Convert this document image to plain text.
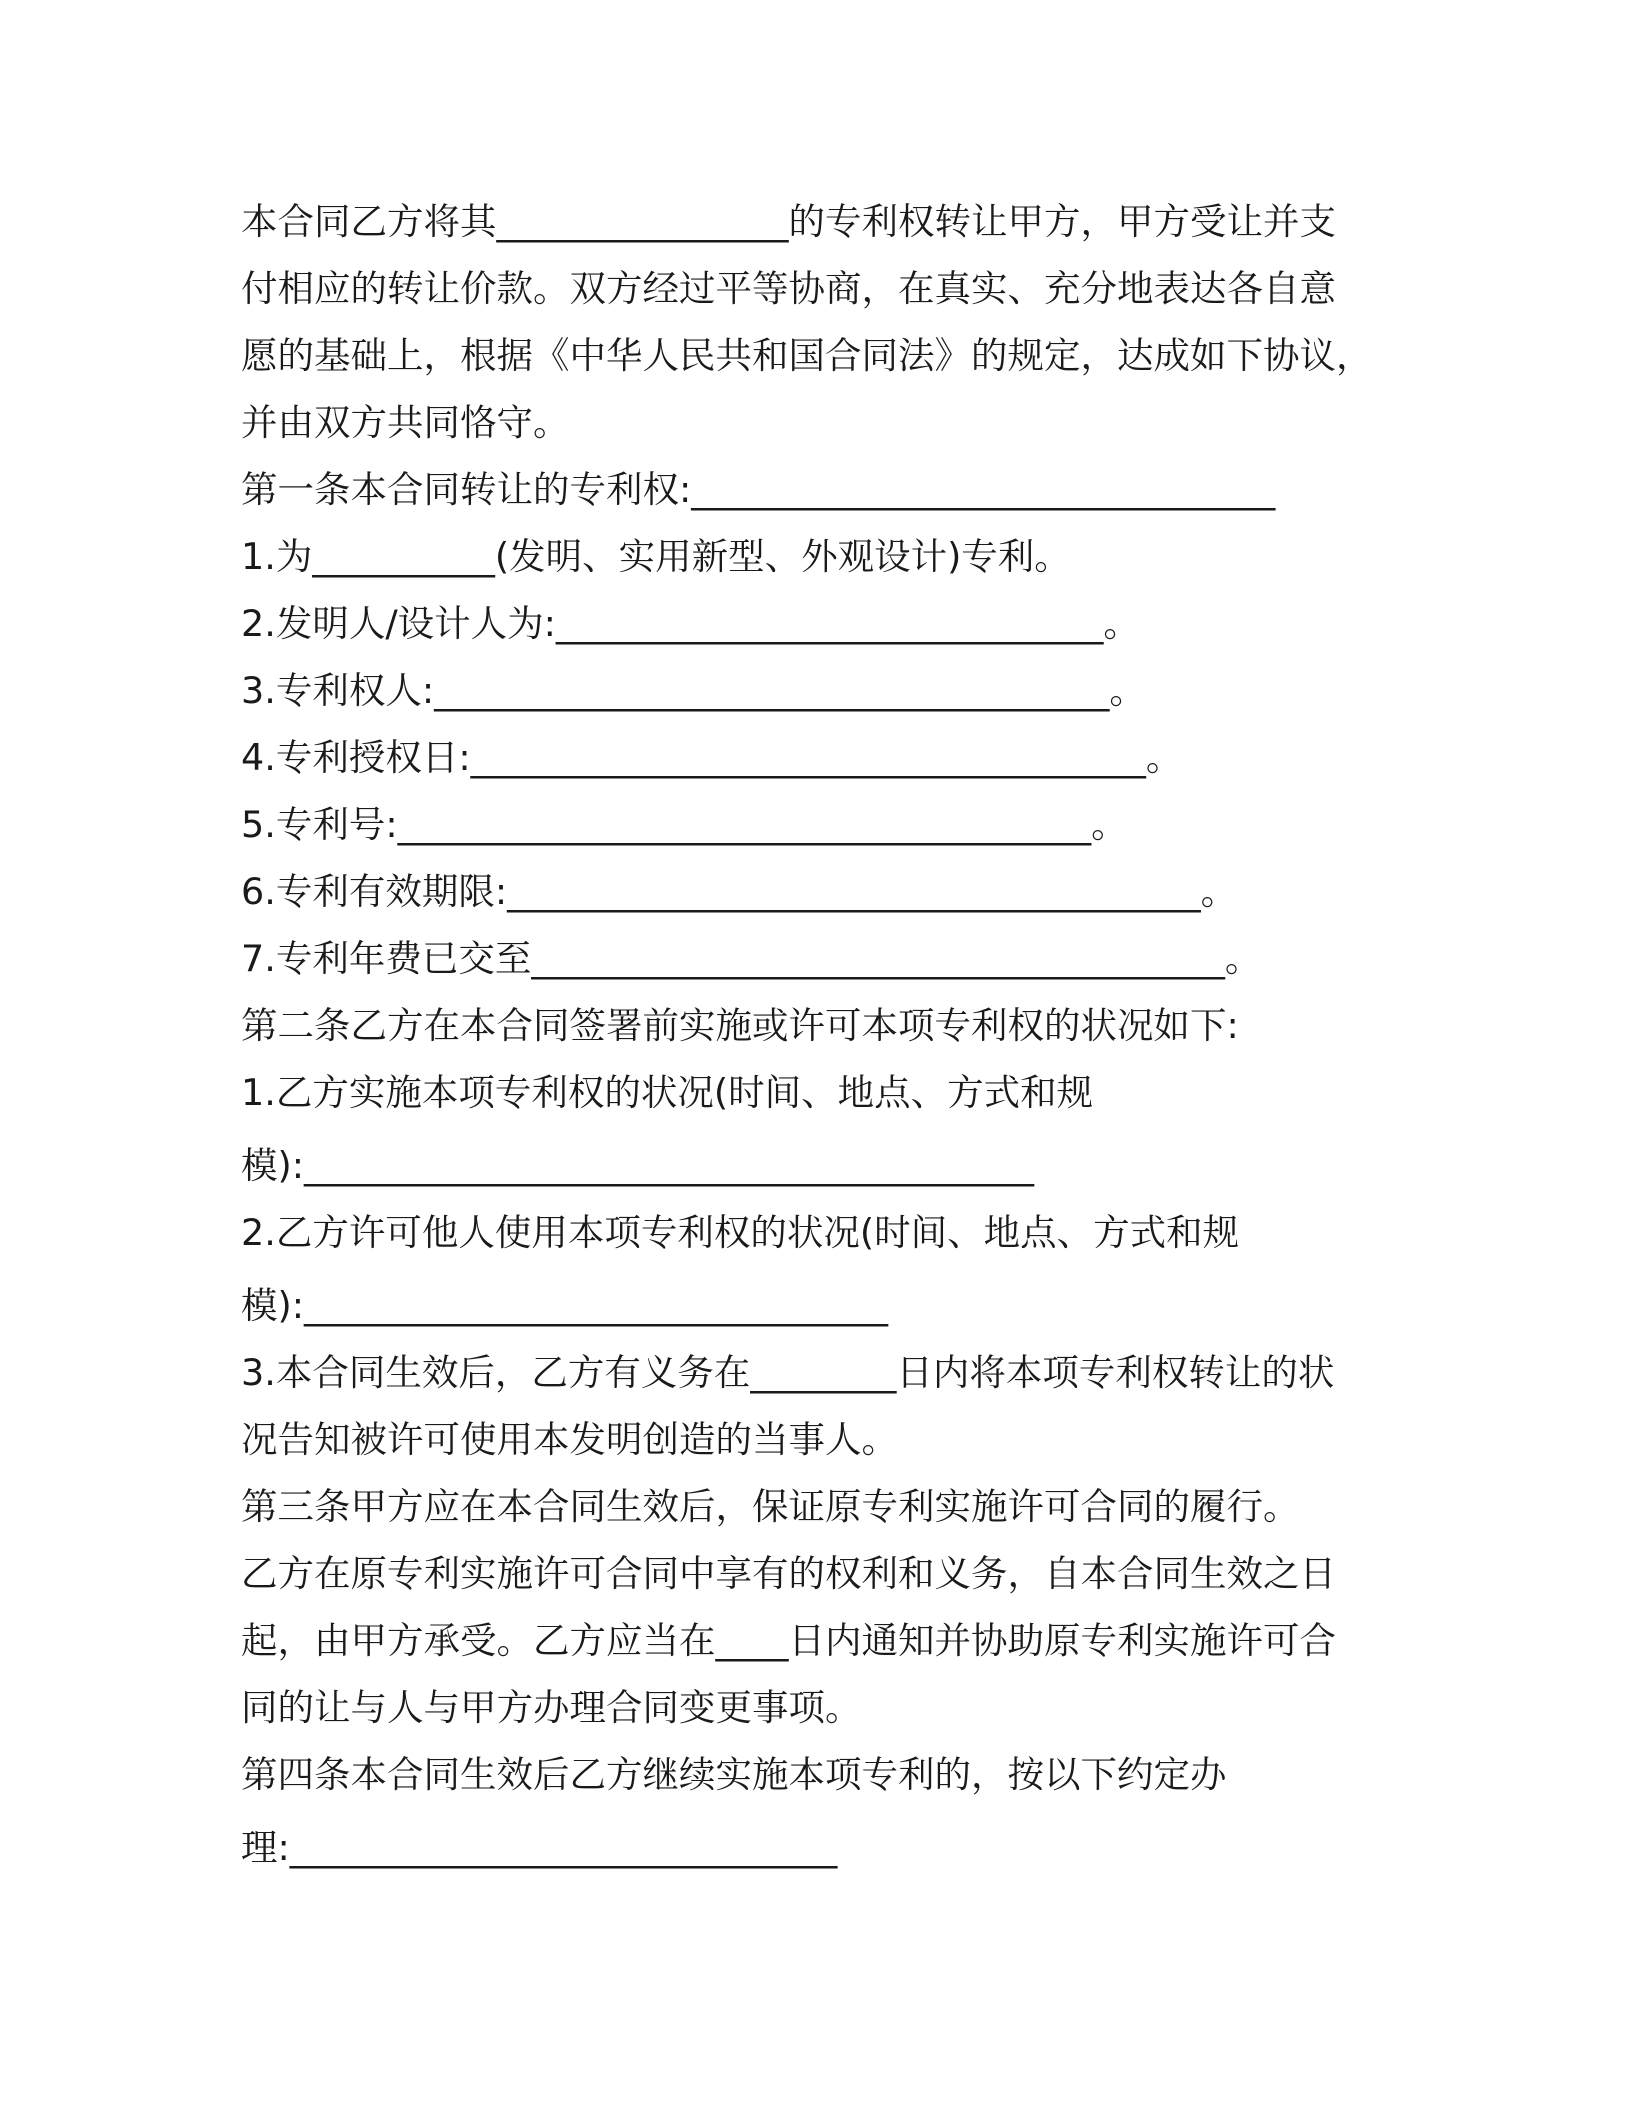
本合同乙方将其________________的专利权转让甲方，甲方受让并支
付相应的转让价款。双方经过平等协商，在真实、充分地表达各自意
愿的基础上，根据《中华人民共和国合同法》的规定，达成如下协议，
并由双方共同恪守。
第一条本合同转让的专利权:________________________________
1.为__________(发明、实用新型、外观设计)专利。
2.发明人/设计人为:______________________________。
3.专利权人:_____________________________________。
4.专利授权日:_____________________________________。
5.专利号:______________________________________。
6.专利有效期限:______________________________________。
7.专利年费已交至______________________________________。
第二条乙方在本合同签署前实施或许可本项专利权的状况如下:
1.乙方实施本项专利权的状况(时间、地点、方式和规
模):________________________________________
2.乙方许可他人使用本项专利权的状况(时间、地点、方式和规
模):________________________________
3.本合同生效后，乙方有义务在________日内将本项专利权转让的状
况告知被许可使用本发明创造的当事人。
第三条甲方应在本合同生效后，保证原专利实施许可合同的履行。
乙方在原专利实施许可合同中享有的权利和义务，自本合同生效之日
起，由甲方承受。乙方应当在____日内通知并协助原专利实施许可合
同的让与人与甲方办理合同变更事项。
第四条本合同生效后乙方继续实施本项专利的，按以下约定办
理:______________________________
